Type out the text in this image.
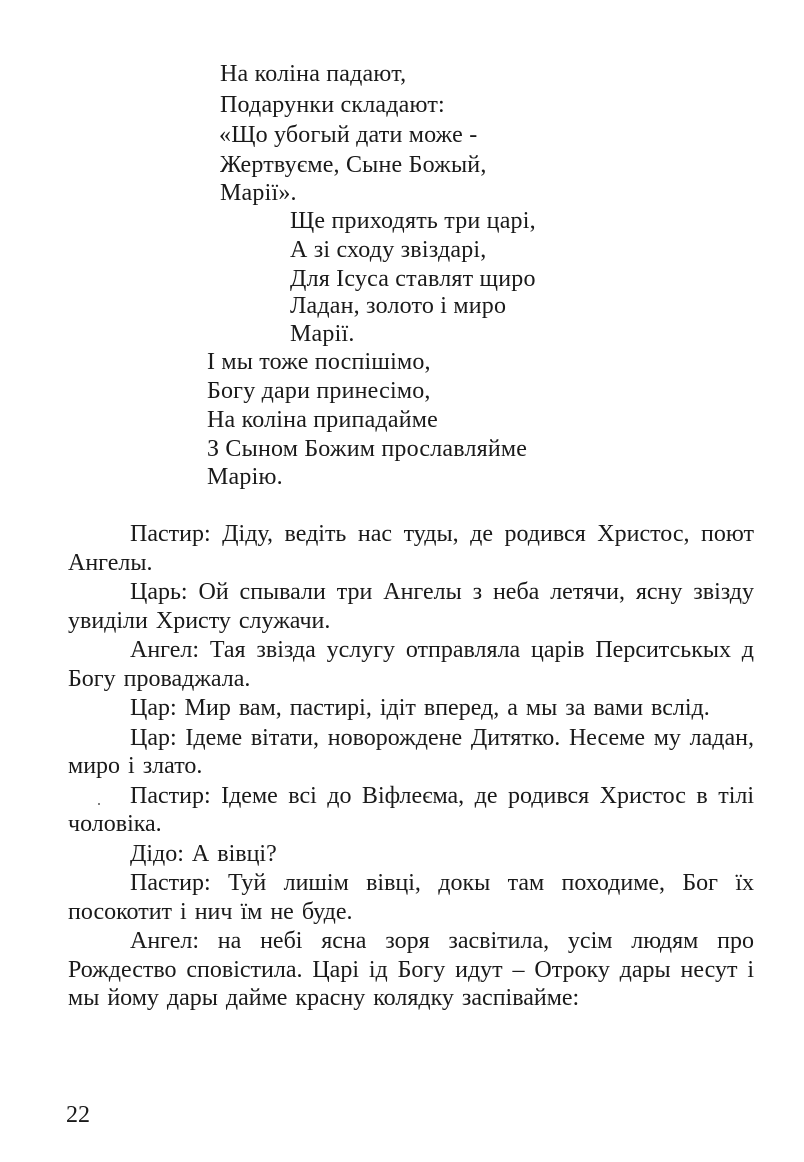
На коліна падают,
Подарунки складают:
«Що убогый дати може -
Жертвуєме, Сыне Божый,
Марії».
Ще приходять три царі,
А зі сходу звіздарі,
Для Ісуса ставлят щиро
Ладан, золото і миро
Марії.
І мы тоже поспішімо,
Богу дари принесімо,
На коліна припадайме
З Сыном Божим прославляйме
Марію.

Пастир: Діду, ведіть нас туды, де родився Христос, поют Ангелы.

Царь: Ой спывали три Ангелы з неба летячи, ясну звізду увиділи Христу служачи.

Ангел: Тая звізда услугу отправляла царів Перситськых д Богу проваджала.

Цар: Мир вам, пастирі, ідіт вперед, а мы за вами вслід.

Цар: Ідеме вітати, новорождене Дитятко. Несеме му ладан, миро і злато.

Пастир: Ідеме всі до Віфлеєма, де родився Христос в тілі чоловіка.

Дідо: А вівці?

Пастир: Туй лишім вівці, докы там походиме, Бог їх посокотит і нич їм не буде.

Ангел: на небі ясна зоря засвітила, усім людям про Рождество сповістила. Царі ід Богу идут – Отроку дары несут і мы йому дары дайме красну колядку заспівайме:

22
